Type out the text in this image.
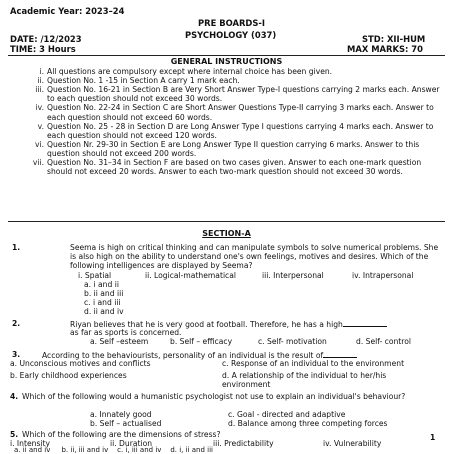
Academic Year: 2023–24
PRE BOARDS-I
PSYCHOLOGY (037)
DATE: /12/2023	STD: XII-HUM
TIME: 3 Hours	MAX MARKS: 70
GENERAL INSTRUCTIONS
i. All questions are compulsory except where internal choice has been given.
ii. Question No. 1 -15 in Section A carry 1 mark each.
iii. Question No. 16-21 in Section B are Very Short Answer Type-I questions carrying 2 marks each. Answer to each question should not exceed 30 words.
iv. Question No. 22-24 in Section C are Short Answer Questions Type-II carrying 3 marks each. Answer to each question should not exceed 60 words.
v. Question No. 25 - 28 in Section D are Long Answer Type I questions carrying 4 marks each. Answer to each question should not exceed 120 words.
vi. Question Nr. 29-30 in Section E are Long Answer Type II question carrying 6 marks. Answer to this question should not exceed 200 words.
vii. Question No. 31–34 in Section F are based on two cases given. Answer to each one-mark question should not exceed 20 words. Answer to each two-mark question should not exceed 30 words.
SECTION-A
1.	Seema is high on critical thinking and can manipulate symbols to solve numerical problems. She is also high on the ability to understand one's own feelings, motives and desires. Which of the following intelligences are displayed by Seema?
i. Spatial	ii. Logical-mathematical	iii. Interpersonal	iv. Intrapersonal
a. i and ii
b. ii and iii
c. i and iii
d. ii and iv
2.	Riyan believes that he is very good at football. Therefore, he has a high
as far as sports is concerned.
a. Self –esteem	b. Self – efficacy	c. Self- motivation	d. Self- control
3.	According to the behaviourists, personality of an individual is the result of
a. Unconscious motives and conflicts	c. Response of an individual to the environment
b. Early childhood experiences	d. A relationship of the individual to her/his environment
4. Which of the following would a humanistic psychologist not use to explain an individual's behaviour?
a. Innately good	c. Goal - directed and adaptive
b. Self – actualised	d. Balance among three competing forces
5. Which of the following are the dimensions of stress?	1
i. Intensity	ii. Duration	iii. Predictability	iv. Vulnerability
a. ii and iv b. ii, iii and iv c. i, iii and iv d. i, ii and iii
